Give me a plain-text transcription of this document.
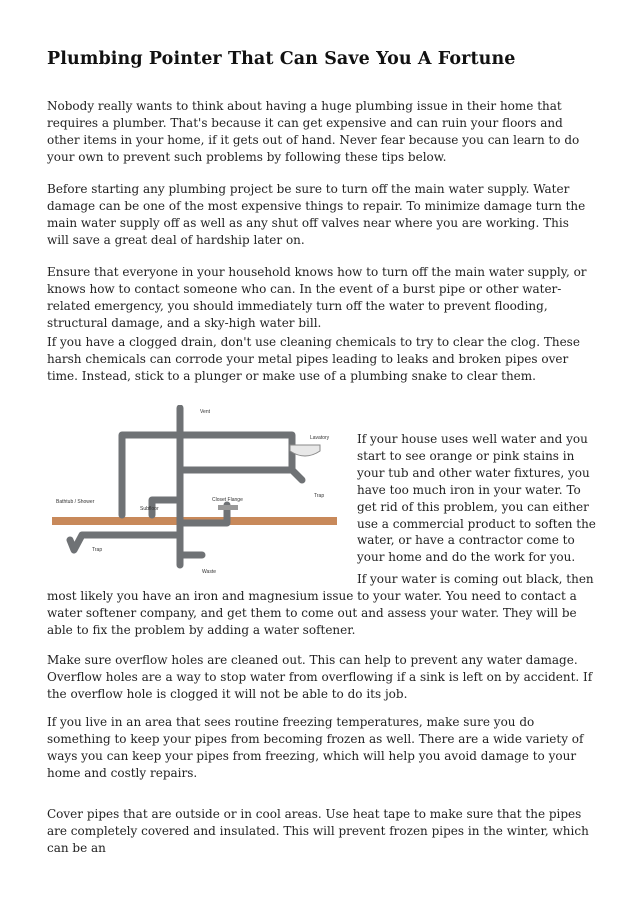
Plumbing Pointer That Can Save You A Fortune

Nobody really wants to think about having a huge plumbing issue in their home that requires a plumber. That's because it can get expensive and can ruin your floors and other items in your home, if it gets out of hand. Never fear because you can learn to do your own to prevent such problems by following these tips below.

Before starting any plumbing project be sure to turn off the main water supply. Water damage can be one of the most expensive things to repair. To minimize damage turn the main water supply off as well as any shut off valves near where you are working. This will save a great deal of hardship later on.

Ensure that everyone in your household knows how to turn off the main water supply, or knows how to contact someone who can. In the event of a burst pipe or other water-related emergency, you should immediately turn off the water to prevent flooding, structural damage, and a sky-high water bill.

If you have a clogged drain, don't use cleaning chemicals to try to clear the clog. These harsh chemicals can corrode your metal pipes leading to leaks and broken pipes over time. Instead, stick to a plunger or make use of a plumbing snake to clear them.

Vent
Lavatory
Trap
Bathtub / Shower
Subfloor
Closet Flange
Trap
Waste

If your house uses well water and you start to see orange or pink stains in your tub and other water fixtures, you have too much iron in your water. To get rid of this problem, you can either use a commercial product to soften the water, or have a contractor come to your home and do the work for you.

If your water is coming out black, then

most likely you have an iron and magnesium issue to your water. You need to contact a water softener company, and get them to come out and assess your water. They will be able to fix the problem by adding a water softener.

Make sure overflow holes are cleaned out. This can help to prevent any water damage. Overflow holes are a way to stop water from overflowing if a sink is left on by accident. If the overflow hole is clogged it will not be able to do its job.

If you live in an area that sees routine freezing temperatures, make sure you do something to keep your pipes from becoming frozen as well. There are a wide variety of ways you can keep your pipes from freezing, which will help you avoid damage to your home and costly repairs.

Cover pipes that are outside or in cool areas. Use heat tape to make sure that the pipes are completely covered and insulated. This will prevent frozen pipes in the winter, which can be an
